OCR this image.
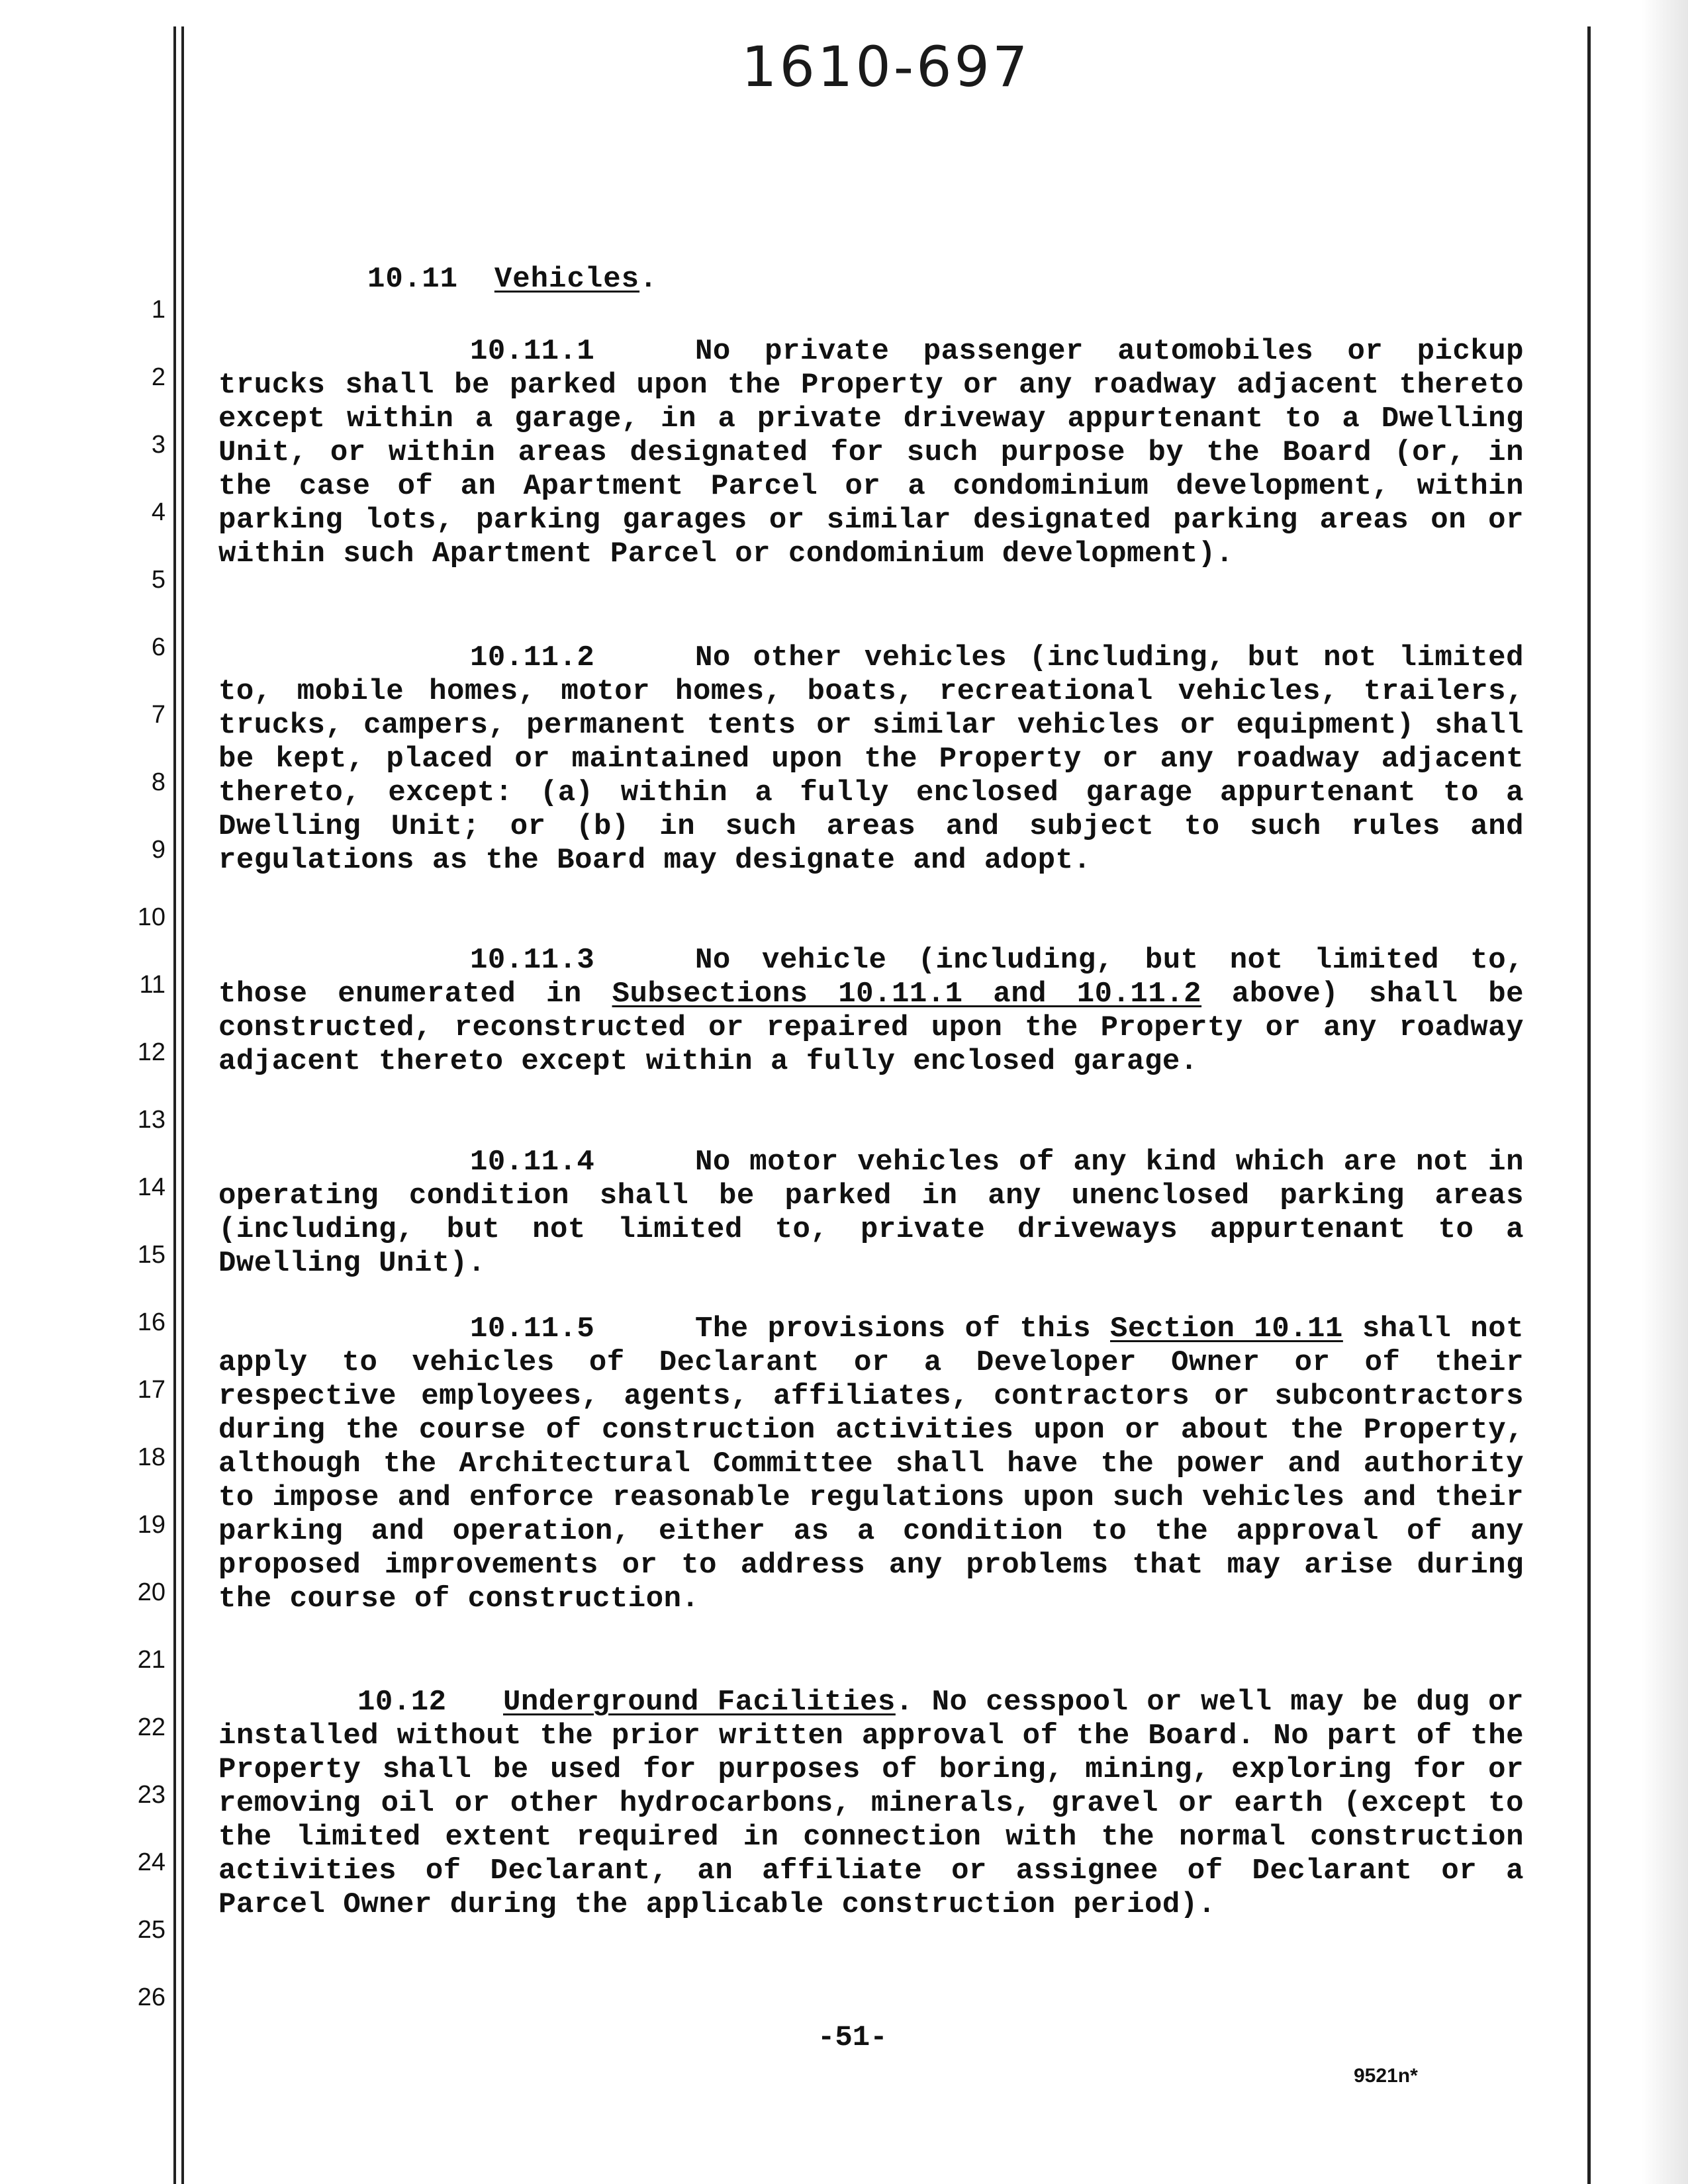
1610-697
1
2
3
4
5
6
7
8
9
10
11
12
13
14
15
16
17
18
19
20
21
22
23
24
25
26
10.11 Vehicles.
10.11.1	No private passenger automobiles or pickup trucks shall be parked upon the Property or any roadway adjacent thereto except within a garage, in a private driveway appurtenant to a Dwelling Unit, or within areas designated for such purpose by the Board (or, in the case of an Apartment Parcel or a condominium development, within parking lots, parking garages or similar designated parking areas on or within such Apartment Parcel or condominium development).
10.11.2	No other vehicles (including, but not limited to, mobile homes, motor homes, boats, recreational vehicles, trailers, trucks, campers, permanent tents or similar vehicles or equipment) shall be kept, placed or maintained upon the Property or any roadway adjacent thereto, except: (a) within a fully enclosed garage appurtenant to a Dwelling Unit; or (b) in such areas and subject to such rules and regulations as the Board may designate and adopt.
10.11.3	No vehicle (including, but not limited to, those enumerated in Subsections 10.11.1 and 10.11.2 above) shall be constructed, reconstructed or repaired upon the Property or any roadway adjacent thereto except within a fully enclosed garage.
10.11.4	No motor vehicles of any kind which are not in operating condition shall be parked in any unenclosed parking areas (including, but not limited to, private driveways appurtenant to a Dwelling Unit).
10.11.5	The provisions of this Section 10.11 shall not apply to vehicles of Declarant or a Developer Owner or of their respective employees, agents, affiliates, contractors or subcontractors during the course of construction activities upon or about the Property, although the Architectural Committee shall have the power and authority to impose and enforce reasonable regulations upon such vehicles and their parking and operation, either as a condition to the approval of any proposed improvements or to address any problems that may arise during the course of construction.
10.12 Underground Facilities. No cesspool or well may be dug or installed without the prior written approval of the Board. No part of the Property shall be used for purposes of boring, mining, exploring for or removing oil or other hydrocarbons, minerals, gravel or earth (except to the limited extent required in connection with the normal construction activities of Declarant, an affiliate or assignee of Declarant or a Parcel Owner during the applicable construction period).
-51-
9521n*
